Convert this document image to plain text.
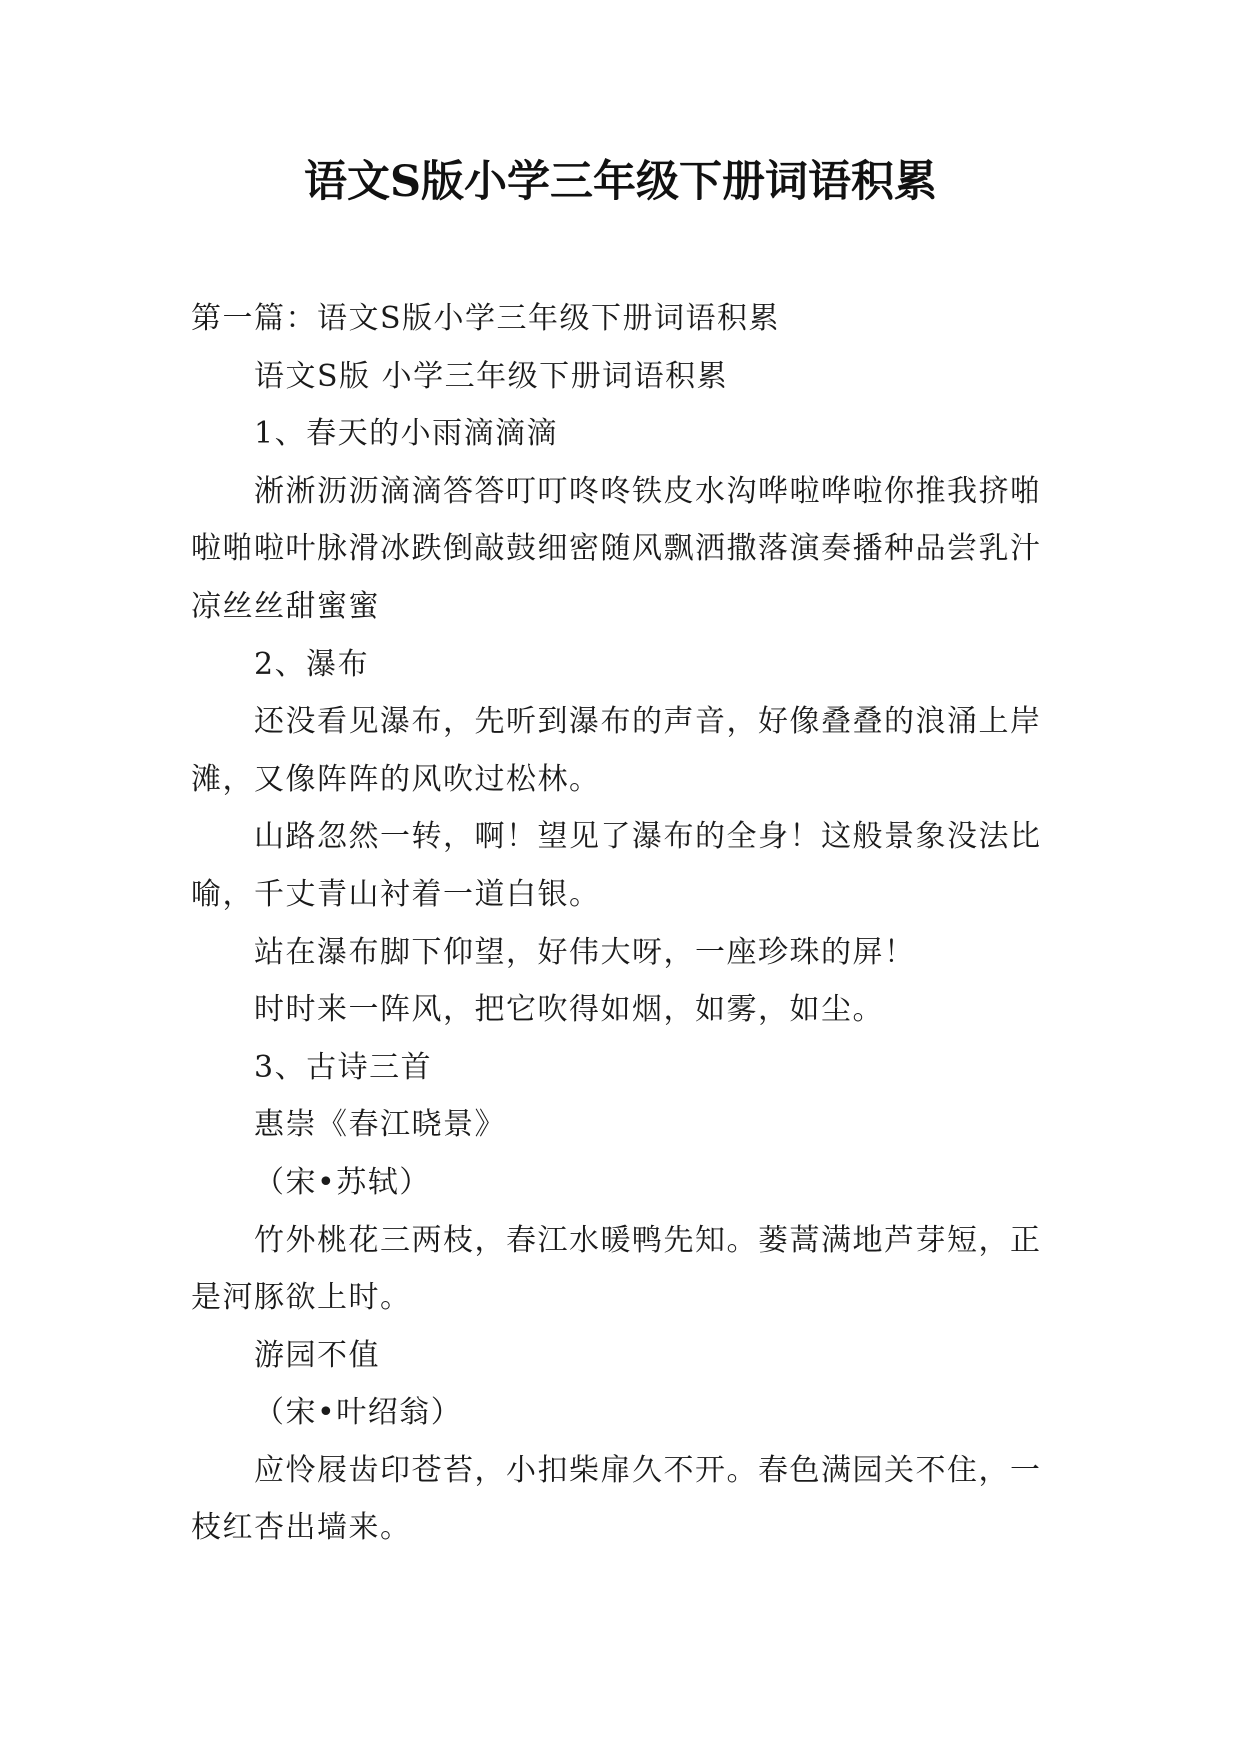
语文S版小学三年级下册词语积累

第一篇：语文S版小学三年级下册词语积累

语文S版 小学三年级下册词语积累

1、春天的小雨滴滴滴

淅淅沥沥滴滴答答叮叮咚咚铁皮水沟哗啦哗啦你推我挤啪啦啪啦叶脉滑冰跌倒敲鼓细密随风飘洒撒落演奏播种品尝乳汁凉丝丝甜蜜蜜

2、瀑布

还没看见瀑布，先听到瀑布的声音，好像叠叠的浪涌上岸滩，又像阵阵的风吹过松林。

山路忽然一转，啊！望见了瀑布的全身！这般景象没法比喻，千丈青山衬着一道白银。

站在瀑布脚下仰望，好伟大呀，一座珍珠的屏！

时时来一阵风，把它吹得如烟，如雾，如尘。

3、古诗三首

惠崇《春江晓景》

（宋•苏轼）

竹外桃花三两枝，春江水暖鸭先知。蒌蒿满地芦芽短，正是河豚欲上时。

游园不值

（宋•叶绍翁）

应怜屐齿印苍苔，小扣柴扉久不开。春色满园关不住，一枝红杏出墙来。
